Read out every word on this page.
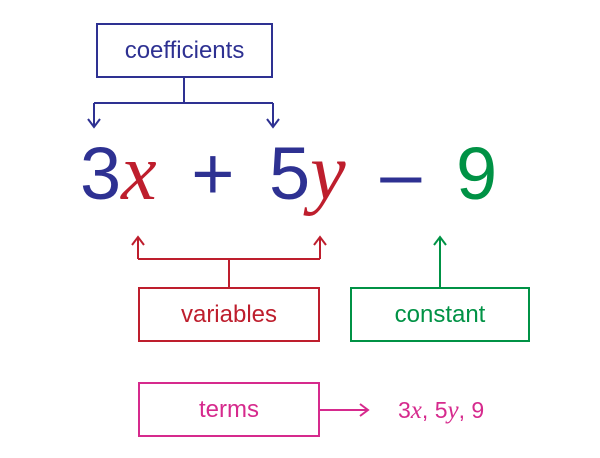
coefficients
3x + 5y – 9
variables	constant
terms	3x, 5y, 9
